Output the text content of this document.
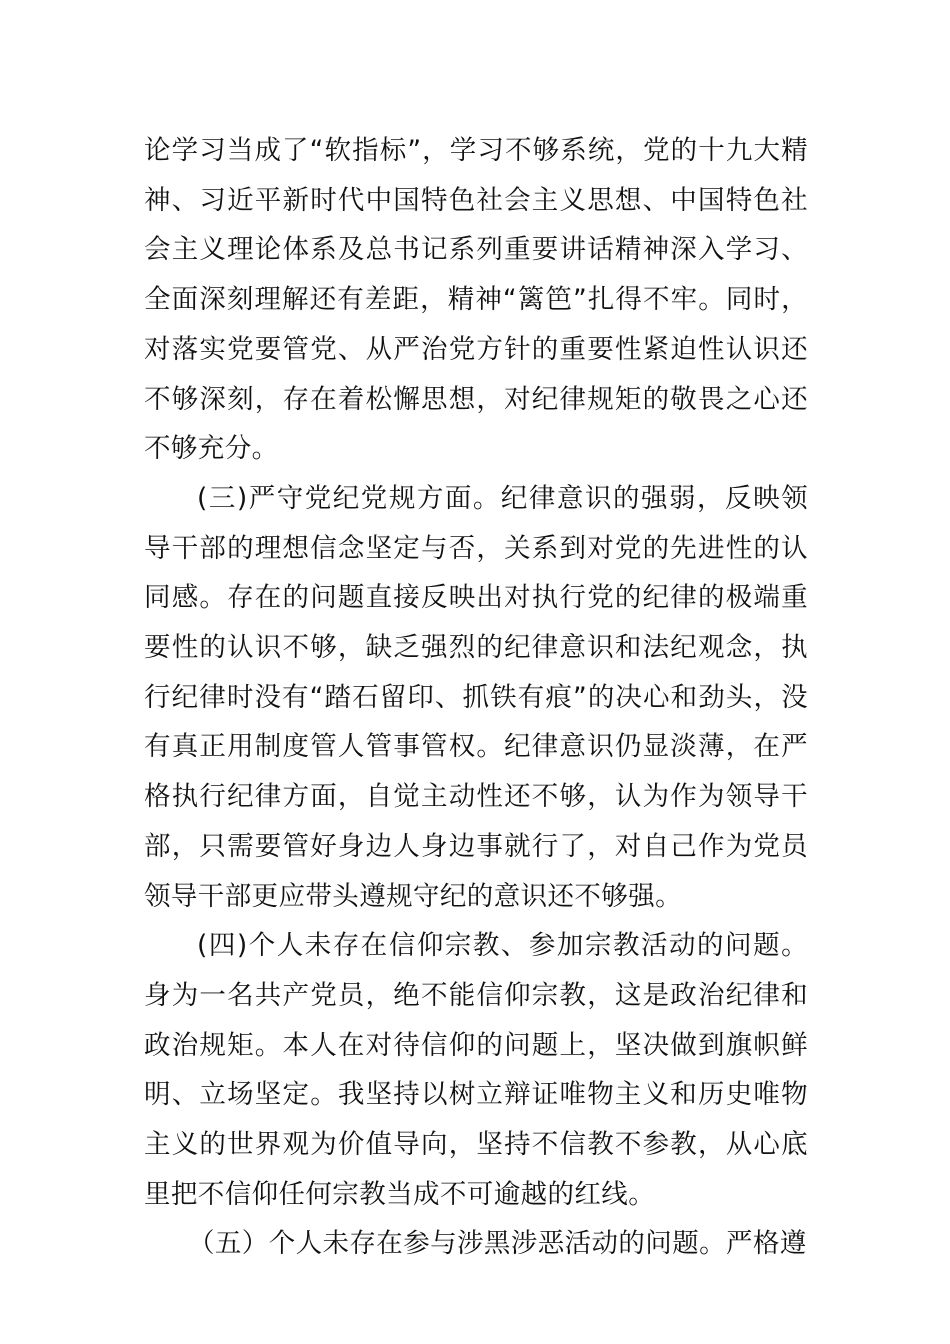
论学习当成了“软指标”，学习不够系统，党的十九大精神、习近平新时代中国特色社会主义思想、中国特色社会主义理论体系及总书记系列重要讲话精神深入学习、全面深刻理解还有差距，精神“篱笆”扎得不牢。同时，对落实党要管党、从严治党方针的重要性紧迫性认识还不够深刻，存在着松懈思想，对纪律规矩的敬畏之心还不够充分。

(三)严守党纪党规方面。纪律意识的强弱，反映领导干部的理想信念坚定与否，关系到对党的先进性的认同感。存在的问题直接反映出对执行党的纪律的极端重要性的认识不够，缺乏强烈的纪律意识和法纪观念，执行纪律时没有“踏石留印、抓铁有痕”的决心和劲头，没有真正用制度管人管事管权。纪律意识仍显淡薄，在严格执行纪律方面，自觉主动性还不够，认为作为领导干部，只需要管好身边人身边事就行了，对自己作为党员领导干部更应带头遵规守纪的意识还不够强。

(四)个人未存在信仰宗教、参加宗教活动的问题。身为一名共产党员，绝不能信仰宗教，这是政治纪律和政治规矩。本人在对待信仰的问题上，坚决做到旗帜鲜明、立场坚定。我坚持以树立辩证唯物主义和历史唯物主义的世界观为价值导向，坚持不信教不参教，从心底里把不信仰任何宗教当成不可逾越的红线。

（五）个人未存在参与涉黑涉恶活动的问题。严格遵
